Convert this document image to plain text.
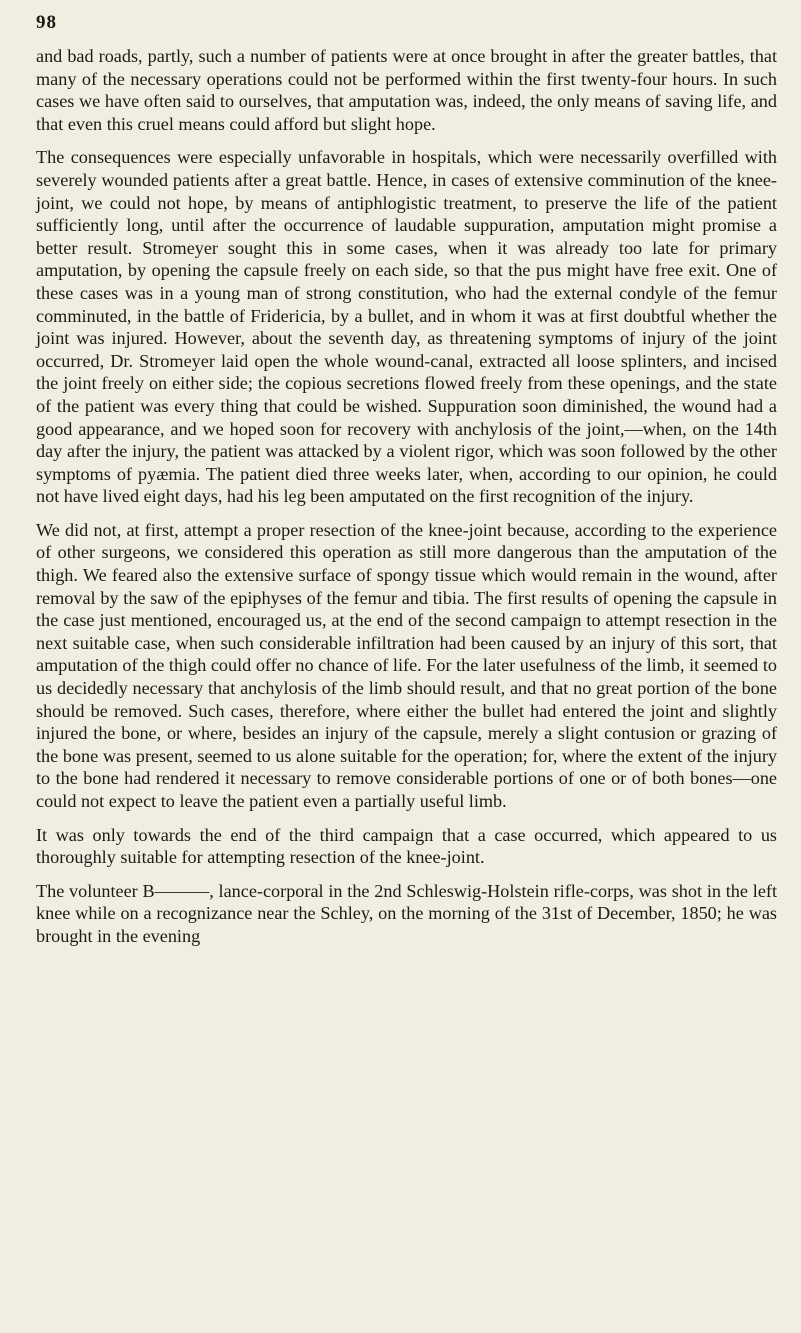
98

and bad roads, partly, such a number of patients were at once brought in after the greater battles, that many of the necessary operations could not be performed within the first twenty-four hours. In such cases we have often said to ourselves, that amputation was, indeed, the only means of saving life, and that even this cruel means could afford but slight hope.

The consequences were especially unfavorable in hospitals, which were necessarily overfilled with severely wounded patients after a great battle. Hence, in cases of extensive comminution of the knee-joint, we could not hope, by means of antiphlogistic treatment, to preserve the life of the patient sufficiently long, until after the occurrence of laudable suppuration, amputation might promise a better result. Stromeyer sought this in some cases, when it was already too late for primary amputation, by opening the capsule freely on each side, so that the pus might have free exit. One of these cases was in a young man of strong constitution, who had the external condyle of the femur comminuted, in the battle of Fridericia, by a bullet, and in whom it was at first doubtful whether the joint was injured. However, about the seventh day, as threatening symptoms of injury of the joint occurred, Dr. Stromeyer laid open the whole wound-canal, extracted all loose splinters, and incised the joint freely on either side; the copious secretions flowed freely from these openings, and the state of the patient was every thing that could be wished. Suppuration soon diminished, the wound had a good appearance, and we hoped soon for recovery with anchylosis of the joint,—when, on the 14th day after the injury, the patient was attacked by a violent rigor, which was soon followed by the other symptoms of pyæmia. The patient died three weeks later, when, according to our opinion, he could not have lived eight days, had his leg been amputated on the first recognition of the injury.

We did not, at first, attempt a proper resection of the knee-joint because, according to the experience of other surgeons, we considered this operation as still more dangerous than the amputation of the thigh. We feared also the extensive surface of spongy tissue which would remain in the wound, after removal by the saw of the epiphyses of the femur and tibia. The first results of opening the capsule in the case just mentioned, encouraged us, at the end of the second campaign to attempt resection in the next suitable case, when such considerable infiltration had been caused by an injury of this sort, that amputation of the thigh could offer no chance of life. For the later usefulness of the limb, it seemed to us decidedly necessary that anchylosis of the limb should result, and that no great portion of the bone should be removed. Such cases, therefore, where either the bullet had entered the joint and slightly injured the bone, or where, besides an injury of the capsule, merely a slight contusion or grazing of the bone was present, seemed to us alone suitable for the operation; for, where the extent of the injury to the bone had rendered it necessary to remove considerable portions of one or of both bones—one could not expect to leave the patient even a partially useful limb.

It was only towards the end of the third campaign that a case occurred, which appeared to us thoroughly suitable for attempting resection of the knee-joint.

The volunteer B———, lance-corporal in the 2nd Schleswig-Holstein rifle-corps, was shot in the left knee while on a recognizance near the Schley, on the morning of the 31st of December, 1850; he was brought in the evening
